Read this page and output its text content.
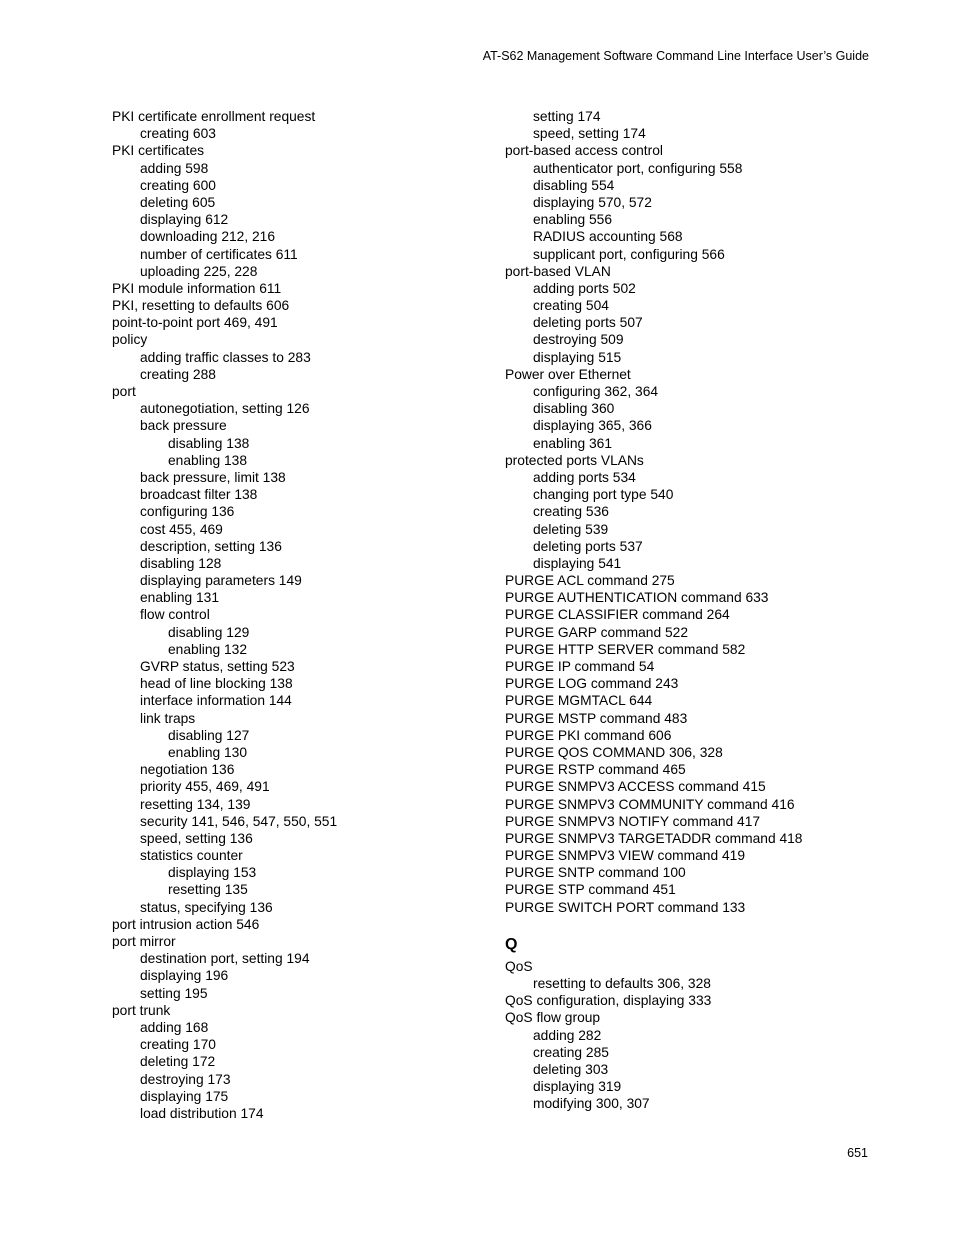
AT-S62 Management Software Command Line Interface User’s Guide
PKI certificate enrollment request
creating 603
PKI certificates
adding 598
creating 600
deleting 605
displaying 612
downloading 212, 216
number of certificates 611
uploading 225, 228
PKI module information 611
PKI, resetting to defaults 606
point-to-point port 469, 491
policy
adding traffic classes to 283
creating 288
port
autonegotiation, setting 126
back pressure
disabling 138
enabling 138
back pressure, limit 138
broadcast filter 138
configuring 136
cost 455, 469
description, setting 136
disabling 128
displaying parameters 149
enabling 131
flow control
disabling 129
enabling 132
GVRP status, setting 523
head of line blocking 138
interface information 144
link traps
disabling 127
enabling 130
negotiation 136
priority 455, 469, 491
resetting 134, 139
security 141, 546, 547, 550, 551
speed, setting 136
statistics counter
displaying 153
resetting 135
status, specifying 136
port intrusion action 546
port mirror
destination port, setting 194
displaying 196
setting 195
port trunk
adding 168
creating 170
deleting 172
destroying 173
displaying 175
load distribution 174
setting 174
speed, setting 174
port-based access control
authenticator port, configuring 558
disabling 554
displaying 570, 572
enabling 556
RADIUS accounting 568
supplicant port, configuring 566
port-based VLAN
adding ports 502
creating 504
deleting ports 507
destroying 509
displaying 515
Power over Ethernet
configuring 362, 364
disabling 360
displaying 365, 366
enabling 361
protected ports VLANs
adding ports 534
changing port type 540
creating 536
deleting 539
deleting ports 537
displaying 541
PURGE ACL command 275
PURGE AUTHENTICATION command 633
PURGE CLASSIFIER command 264
PURGE GARP command 522
PURGE HTTP SERVER command 582
PURGE IP command 54
PURGE LOG command 243
PURGE MGMTACL 644
PURGE MSTP command 483
PURGE PKI command 606
PURGE QOS COMMAND 306, 328
PURGE RSTP command 465
PURGE SNMPV3 ACCESS command 415
PURGE SNMPV3 COMMUNITY command 416
PURGE SNMPV3 NOTIFY command 417
PURGE SNMPV3 TARGETADDR command 418
PURGE SNMPV3 VIEW command 419
PURGE SNTP command 100
PURGE STP command 451
PURGE SWITCH PORT command 133
Q
QoS
resetting to defaults 306, 328
QoS configuration, displaying 333
QoS flow group
adding 282
creating 285
deleting 303
displaying 319
modifying 300, 307
651
